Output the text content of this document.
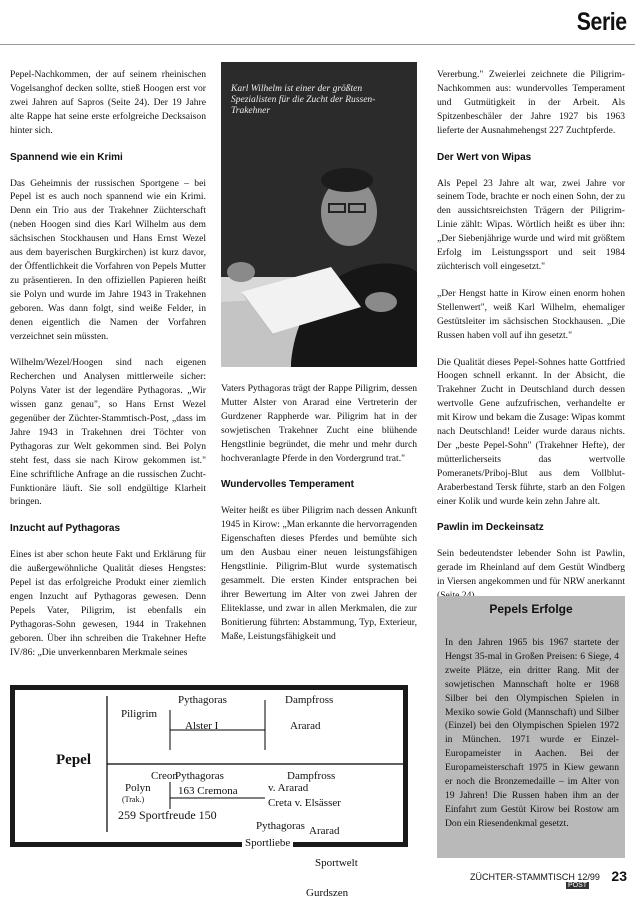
Serie

Pepel-Nachkommen, der auf seinem rheinischen Vogelsanghof decken sollte, stieß Hoogen erst vor zwei Jahren auf Sapros (Seite 24). Der 19 Jahre alte Rappe hat seine erste erfolgreiche Decksaison hinter sich.

Spannend wie ein Krimi

Das Geheimnis der russischen Sportgene – bei Pepel ist es auch noch spannend wie ein Krimi. Denn ein Trio aus der Trakehner Züchterschaft (neben Hoogen sind dies Karl Wilhelm aus dem sächsischen Stockhausen und Hans Ernst Wezel aus dem bayerischen Burgkirchen) ist kurz davor, der Öffentlichkeit die Vorfahren von Pepels Mutter zu präsentieren. In den offiziellen Papieren heißt sie Polyn und wurde im Jahre 1943 in Trakehnen geboren. Was dann folgt, sind weiße Felder, in denen eigentlich die Namen der Vorfahren verzeichnet sein müssten.

Wilhelm/Wezel/Hoogen sind nach eigenen Recherchen und Analysen mittlerweile sicher: Polyns Vater ist der legendäre Pythagoras. „Wir wissen ganz genau", so Hans Ernst Wezel gegenüber der Züchter-Stammtisch-Post, „dass im Jahre 1943 in Trakehnen drei Töchter von Pythagoras zur Welt gekommen sind. Bei Polyn steht fest, dass sie nach Kirow gekommen ist." Eine schriftliche Anfrage an die russischen Zucht-Funktionäre läuft. Sie soll endgültige Klarheit bringen.

Inzucht auf Pythagoras

Eines ist aber schon heute Fakt und Erklärung für die außergewöhnliche Qualität dieses Hengstes: Pepel ist das erfolgreiche Produkt einer ziemlich engen Inzucht auf Pythagoras gewesen. Denn Pepels Vater, Piligrim, ist ebenfalls ein Pythagoras-Sohn gewesen, 1944 in Trakehnen geboren. Über ihn schreiben die Trakehner Hefte IV/86: „Die unverkennbaren Merkmale seines

Karl Wilhelm ist einer der größten Spezialisten für die Zucht der Russen-Trakehner

Vaters Pythagoras trägt der Rappe Piligrim, dessen Mutter Alster von Ararad eine Vertreterin der Gurdzener Rappherde war. Piligrim hat in der sowjetischen Trakehner Zucht eine blühende Hengstlinie begründet, die mehr und mehr durch hochveranlagte Pferde in den Vordergrund trat."

Wundervolles Temperament

Weiter heißt es über Piligrim nach dessen Ankunft 1945 in Kirow: „Man erkannte die hervorragenden Eigenschaften dieses Pferdes und bemühte sich um den Ausbau einer neuen leistungsfähigen Hengstlinie. Piligrim-Blut wurde systematisch gesammelt. Die ersten Kinder entsprachen bei ihrer Bewertung im Alter von zwei Jahren der Eliteklasse, und zwar in allen Merkmalen, die zur Bonitierung führten: Abstammung, Typ, Exterieur, Maße, Leistungsfähigkeit und

Vererbung." Zweierlei zeichnete die Piligrim-Nachkommen aus: wundervolles Temperament und Gutmütigkeit in der Arbeit. Als Spitzenbeschäler der Jahre 1927 bis 1963 lieferte der Ausnahmehengst 227 Zuchtpferde.

Der Wert von Wipas

Als Pepel 23 Jahre alt war, zwei Jahre vor seinem Tode, brachte er noch einen Sohn, der zu den aussichtsreichsten Trägern der Piligrim-Linie zählt: Wipas. Wörtlich heißt es über ihn: „Der Siebenjährige wurde und wird mit größtem Erfolg im Leistungssport und seit 1984 züchterisch voll eingesetzt."

„Der Hengst hatte in Kirow einen enorm hohen Stellenwert", weiß Karl Wilhelm, ehemaliger Gestütsleiter im sächsischen Stockhausen. „Die Russen haben voll auf ihn gesetzt."

Die Qualität dieses Pepel-Sohnes hatte Gottfried Hoogen schnell erkannt. In der Absicht, die Trakehner Zucht in Deutschland durch dessen wertvolle Gene aufzufrischen, verhandelte er mit Kirow und bekam die Zusage: Wipas kommt nach Deutschland! Leider wurde daraus nichts. Der „beste Pepel-Sohn" (Trakehner Hefte), der mütterlicherseits das wertvolle Pomeranets/Priboj-Blut aus dem Vollblut-Araberbestand Tersk führte, starb an den Folgen einer Kolik und wurde kein zehn Jahre alt.

Pawlin im Deckeinsatz

Sein bedeutendster lebender Sohn ist Pawlin, gerade im Rheinland auf dem Gestüt Windberg in Viersen angekommen und für NRW anerkannt

Pepels Erfolge
In den Jahren 1965 bis 1967 startete der Hengst 35-mal in Großen Preisen: 6 Siege, 4 zweite Plätze, ein dritter Rang. Mit der sowjetischen Mannschaft holte er 1968 Silber bei den Olympischen Spielen in Mexiko sowie Gold (Mannschaft) und Silber (Einzel) bei den Olympischen Spielen 1972 in München. 1971 wurde er Einzel-Europameister in Aachen. Bei der Europameisterschaft 1975 in Kiew gewann er noch die Bronzemedaille – im Alter von 19 Jahren! Die Russen haben ihm an der Einfahrt zum Gestüt Kirow bei Rostow am Don ein Riesendenkmal gesetzt.
Pepel
Piligrim
Pythagoras	Dampfross
Alster I	Ararad
Polyn
(Trak.)
Creon
Pythagoras
163 Cremona
Dampfross
v. Ararad
Creta v. Elsässer
259 Sportfreude 150
Pythagoras
Sportliebe
Ararad
Sportwelt
Gurdszen
ZÜCHTER-STAMMTISCH 12/99
POST
23
